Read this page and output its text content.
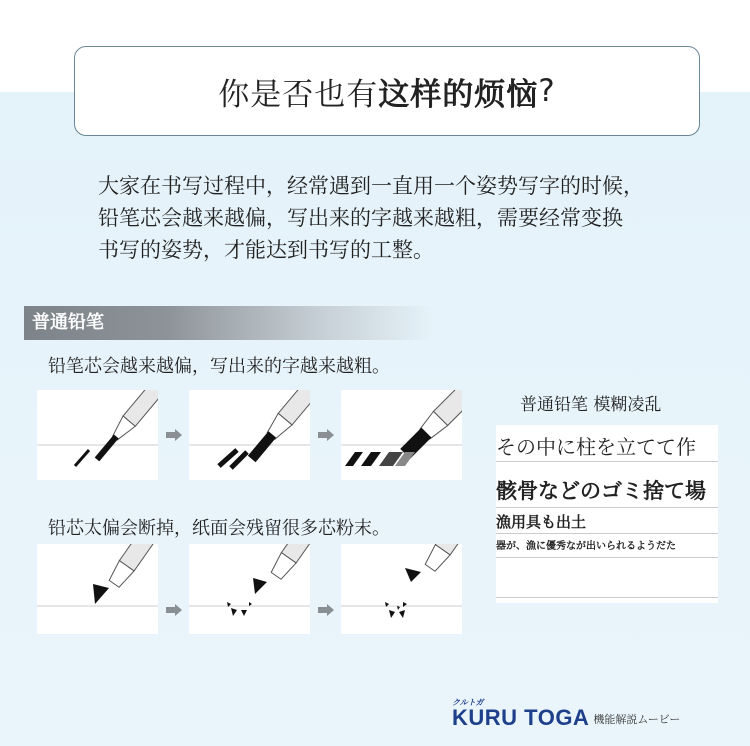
你是否也有 这样的烦恼 ?
大家在书写过程中，经常遇到一直用一个姿势写字的时候，
铅笔芯会越来越偏，写出来的字越来越粗，需要经常变换
书写的姿势，才能达到书写的工整。
普通铅笔
铅笔芯会越来越偏，写出来的字越来越粗。
铅芯太偏会断掉，纸面会残留很多芯粉末。
普通铅笔 模糊凌乱
その中に柱を立てて作
骸骨などのゴミ捨て場
漁用具も出土
器が、漁に優秀なが出いられるようだた
クルトガ
KURU TOGA 機能解説ムービー
